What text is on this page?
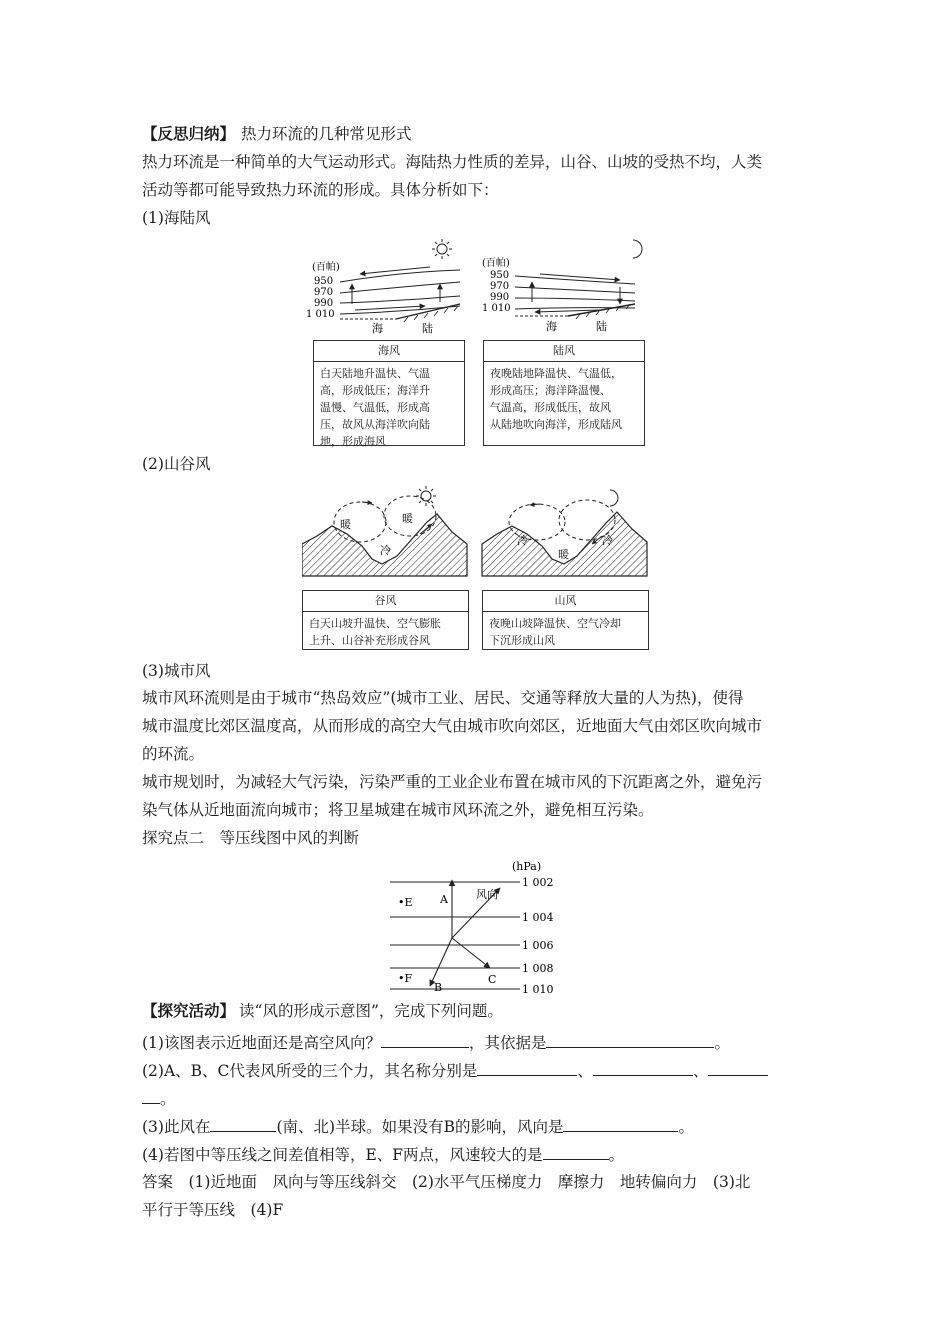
【反思归纳】 热力环流的几种常见形式
热力环流是一种简单的大气运动形式。海陆热力性质的差异，山谷、山坡的受热不均，人类
活动等都可能导致热力环流的形成。具体分析如下：
(1)海陆风
(百帕)
950
970
990
1 010
海	陆
(百帕)
950
970
990
1 010
海	陆
海风
白天陆地升温快、气温
高，形成低压；海洋升
温慢、气温低，形成高
压，故风从海洋吹向陆
地，形成海风
陆风
夜晚陆地降温快、气温低，
形成高压；海洋降温慢、
气温高，形成低压，故风
从陆地吹向海洋，形成陆风
(2)山谷风
暖	暖
冷
冷	冷
暖
谷风
白天山坡升温快、空气膨胀
上升、山谷补充形成谷风
山风
夜晚山坡降温快、空气冷却
下沉形成山风
(3)城市风
城市风环流则是由于城市“热岛效应”(城市工业、居民、交通等释放大量的人为热)，使得
城市温度比郊区温度高，从而形成的高空大气由城市吹向郊区，近地面大气由郊区吹向城市
的环流。
城市规划时，为减轻大气污染，污染严重的工业企业布置在城市风的下沉距离之外，避免污
染气体从近地面流向城市；将卫星城建在城市风环流之外，避免相互污染。
探究点二　等压线图中风的判断
(hPa)
1 002
1 004
1 006
1 008
1 010
•E
•F
A
B
C
风向
【探究活动】 读“风的形成示意图”，完成下列问题。
(1)该图表示近地面还是高空风向？	，其依据是	。
(2)A、B、C代表风所受的三个力，其名称分别是	、	、
。
(3)此风在	(南、北)半球。如果没有B的影响，风向是	。
(4)若图中等压线之间差值相等，E、F两点，风速较大的是	。
答案　(1)近地面　风向与等压线斜交　(2)水平气压梯度力　摩擦力　地转偏向力　(3)北
平行于等压线　(4)F
